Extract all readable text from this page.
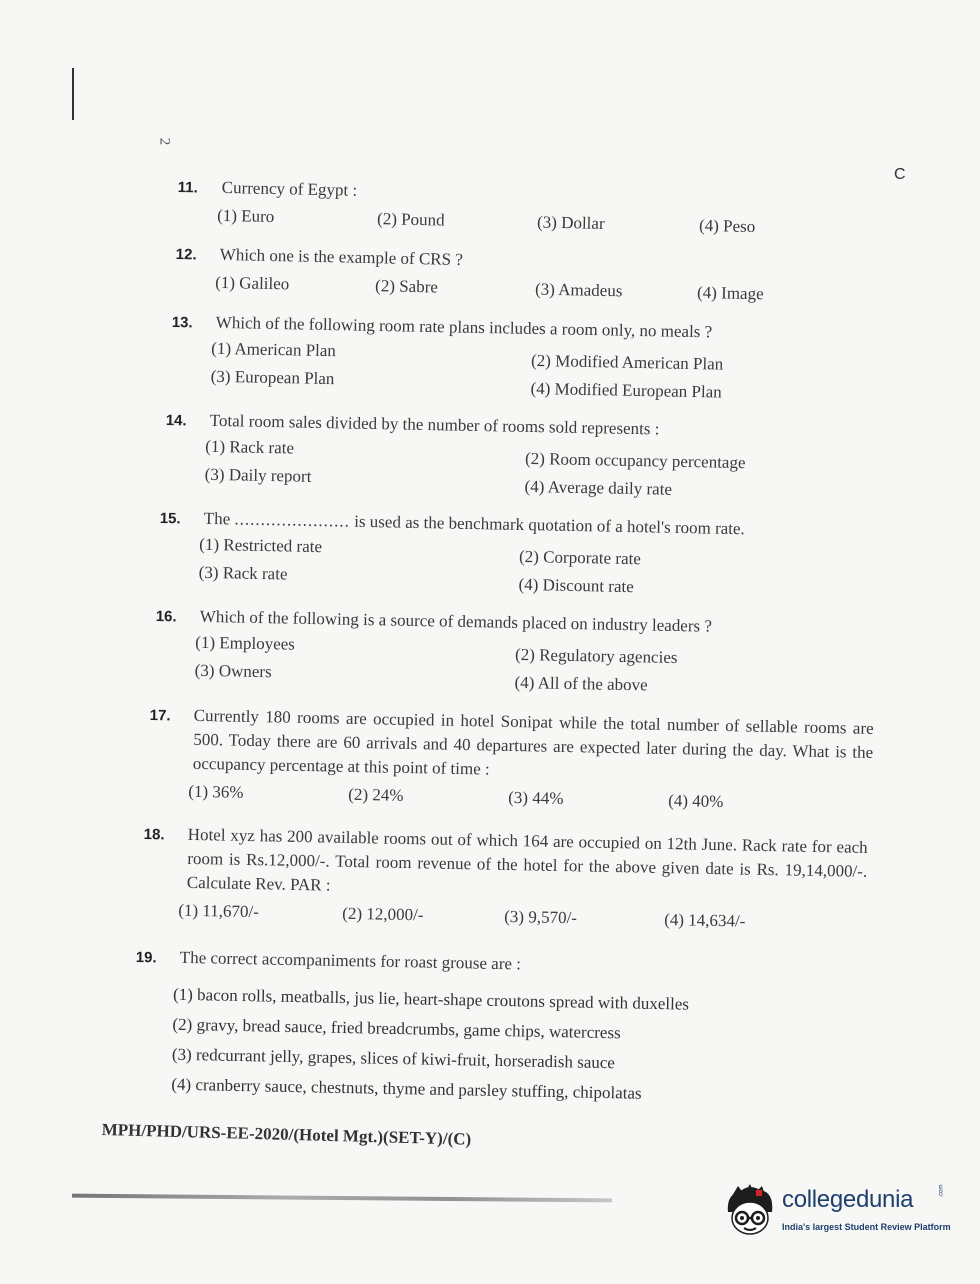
2
C
11.	Currency of Egypt :
(1) Euro	(2) Pound	(3) Dollar	(4) Peso
12.	Which one is the example of CRS ?
(1) Galileo	(2) Sabre	(3) Amadeus	(4) Image
13.	Which of the following room rate plans includes a room only, no meals ?
(1) American Plan
(2) Modified American Plan
(3) European Plan
(4) Modified European Plan
14.	Total room sales divided by the number of rooms sold represents :
(1) Rack rate
(2) Room occupancy percentage
(3) Daily report
(4) Average daily rate
15.	The ...................... is used as the benchmark quotation of a hotel's room rate.
(1) Restricted rate
(2) Corporate rate
(3) Rack rate
(4) Discount rate
16.	Which of the following is a source of demands placed on industry leaders ?
(1) Employees
(2) Regulatory agencies
(3) Owners
(4) All of the above
17.	Currently 180 rooms are occupied in hotel Sonipat while the total number of sellable rooms are 500. Today there are 60 arrivals and 40 departures are expected later during the day. What is the occupancy percentage at this point of time :
(1) 36%	(2) 24%	(3) 44%	(4) 40%
18.	Hotel xyz has 200 available rooms out of which 164 are occupied on 12th June. Rack rate for each room is Rs.12,000/-. Total room revenue of the hotel for the above given date is Rs. 19,14,000/-. Calculate Rev. PAR :
(1) 11,670/-	(2) 12,000/-	(3) 9,570/-	(4) 14,634/-
19.	The correct accompaniments for roast grouse are :
(1) bacon rolls, meatballs, jus lie, heart-shape croutons spread with duxelles
(2) gravy, bread sauce, fried breadcrumbs, game chips, watercress
(3) redcurrant jelly, grapes, slices of kiwi-fruit, horseradish sauce
(4) cranberry sauce, chestnuts, thyme and parsley stuffing, chipolatas
MPH/PHD/URS-EE-2020/(Hotel Mgt.)(SET-Y)/(C)
collegedunia	.com
India's largest Student Review Platform
